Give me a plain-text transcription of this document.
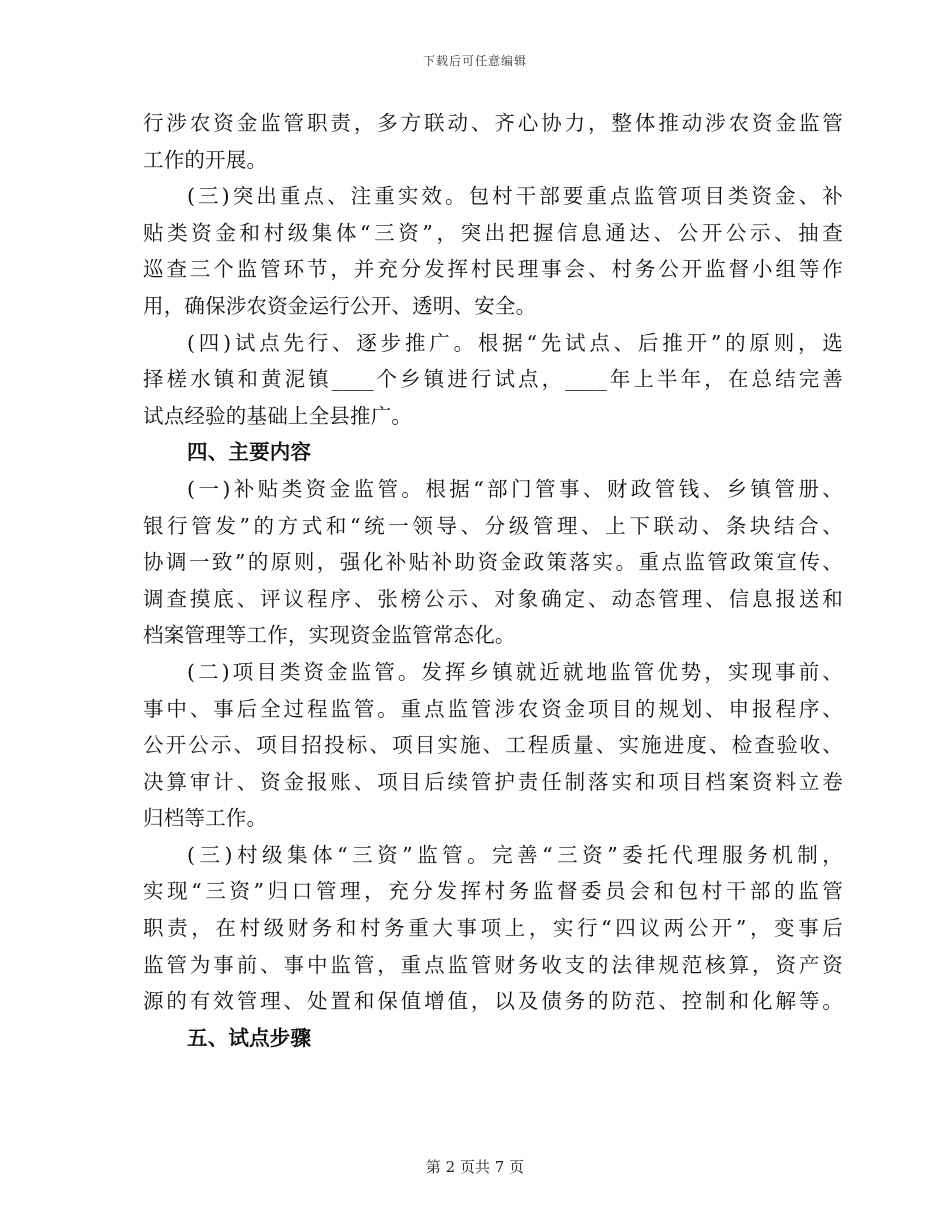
下载后可任意编辑
行涉农资金监管职责，多方联动、齐心协力，整体推动涉农资金监管
工作的开展。
(三)突出重点、注重实效。包村干部要重点监管项目类资金、补
贴类资金和村级集体“三资”，突出把握信息通达、公开公示、抽查
巡查三个监管环节，并充分发挥村民理事会、村务公开监督小组等作
用，确保涉农资金运行公开、透明、安全。
(四)试点先行、逐步推广。根据“先试点、后推开”的原则，选
择槎水镇和黄泥镇____个乡镇进行试点，____年上半年，在总结完善
试点经验的基础上全县推广。
四、主要内容
(一)补贴类资金监管。根据“部门管事、财政管钱、乡镇管册、
银行管发”的方式和“统一领导、分级管理、上下联动、条块结合、
协调一致”的原则，强化补贴补助资金政策落实。重点监管政策宣传、
调查摸底、评议程序、张榜公示、对象确定、动态管理、信息报送和
档案管理等工作，实现资金监管常态化。
(二)项目类资金监管。发挥乡镇就近就地监管优势，实现事前、
事中、事后全过程监管。重点监管涉农资金项目的规划、申报程序、
公开公示、项目招投标、项目实施、工程质量、实施进度、检查验收、
决算审计、资金报账、项目后续管护责任制落实和项目档案资料立卷
归档等工作。
(三)村级集体“三资”监管。完善“三资”委托代理服务机制，
实现“三资”归口管理，充分发挥村务监督委员会和包村干部的监管
职责，在村级财务和村务重大事项上，实行“四议两公开”，变事后
监管为事前、事中监管，重点监管财务收支的法律规范核算，资产资
源的有效管理、处置和保值增值，以及债务的防范、控制和化解等。
五、试点步骤
第 2 页共 7 页
